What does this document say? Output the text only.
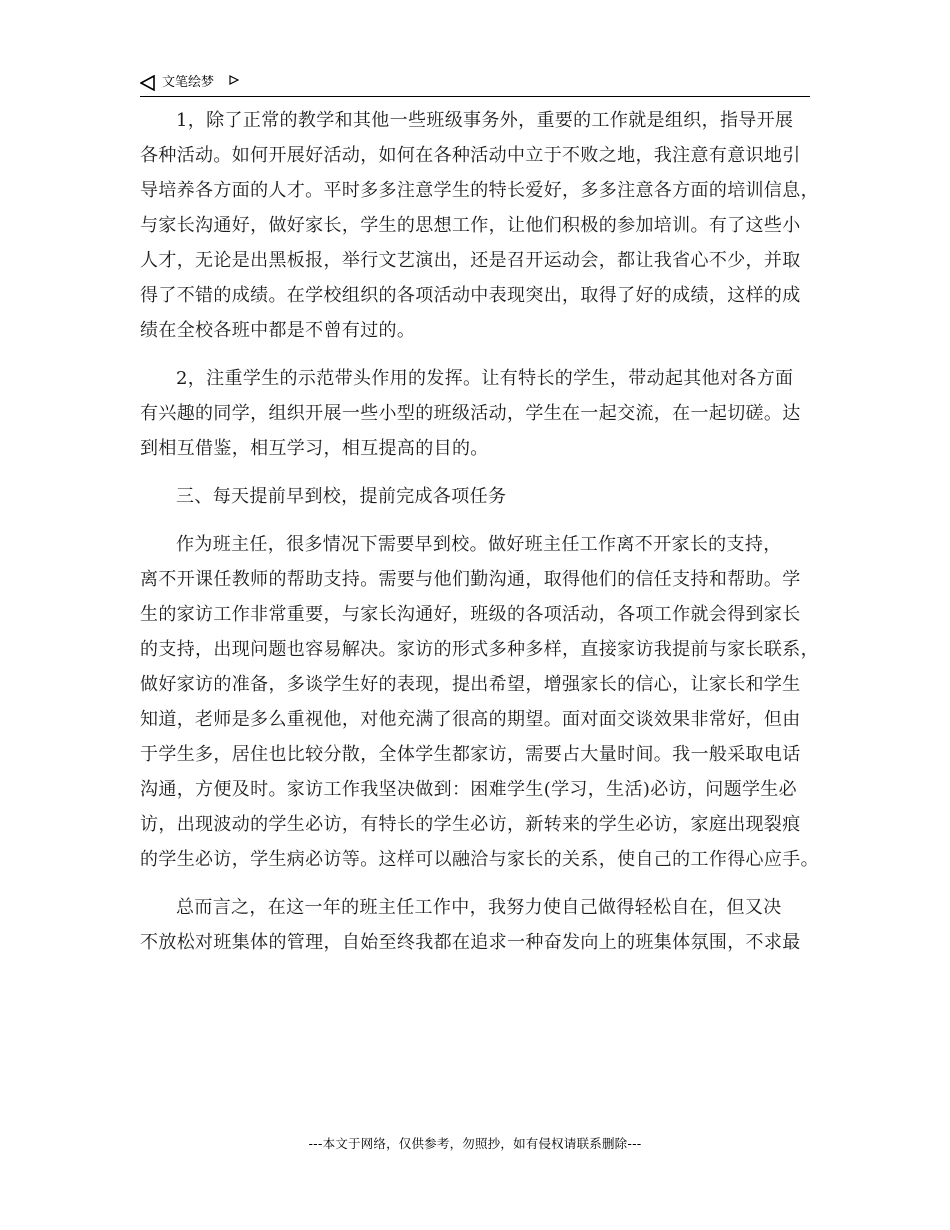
文笔绘梦
1，除了正常的教学和其他一些班级事务外，重要的工作就是组织，指导开展
各种活动。如何开展好活动，如何在各种活动中立于不败之地，我注意有意识地引
导培养各方面的人才。平时多多注意学生的特长爱好，多多注意各方面的培训信息，
与家长沟通好，做好家长，学生的思想工作，让他们积极的参加培训。有了这些小
人才，无论是出黑板报，举行文艺演出，还是召开运动会，都让我省心不少，并取
得了不错的成绩。在学校组织的各项活动中表现突出，取得了好的成绩，这样的成
绩在全校各班中都是不曾有过的。
2，注重学生的示范带头作用的发挥。让有特长的学生，带动起其他对各方面
有兴趣的同学，组织开展一些小型的班级活动，学生在一起交流，在一起切磋。达
到相互借鉴，相互学习，相互提高的目的。
三、每天提前早到校，提前完成各项任务
作为班主任，很多情况下需要早到校。做好班主任工作离不开家长的支持，
离不开课任教师的帮助支持。需要与他们勤沟通，取得他们的信任支持和帮助。学
生的家访工作非常重要，与家长沟通好，班级的各项活动，各项工作就会得到家长
的支持，出现问题也容易解决。家访的形式多种多样，直接家访我提前与家长联系，
做好家访的准备，多谈学生好的表现，提出希望，增强家长的信心，让家长和学生
知道，老师是多么重视他，对他充满了很高的期望。面对面交谈效果非常好，但由
于学生多，居住也比较分散，全体学生都家访，需要占大量时间。我一般采取电话
沟通，方便及时。家访工作我坚决做到：困难学生(学习，生活)必访，问题学生必
访，出现波动的学生必访，有特长的学生必访，新转来的学生必访，家庭出现裂痕
的学生必访，学生病必访等。这样可以融洽与家长的关系，使自己的工作得心应手。
总而言之，在这一年的班主任工作中，我努力使自己做得轻松自在，但又决
不放松对班集体的管理，自始至终我都在追求一种奋发向上的班集体氛围，不求最
---本文于网络，仅供参考，勿照抄，如有侵权请联系删除---
